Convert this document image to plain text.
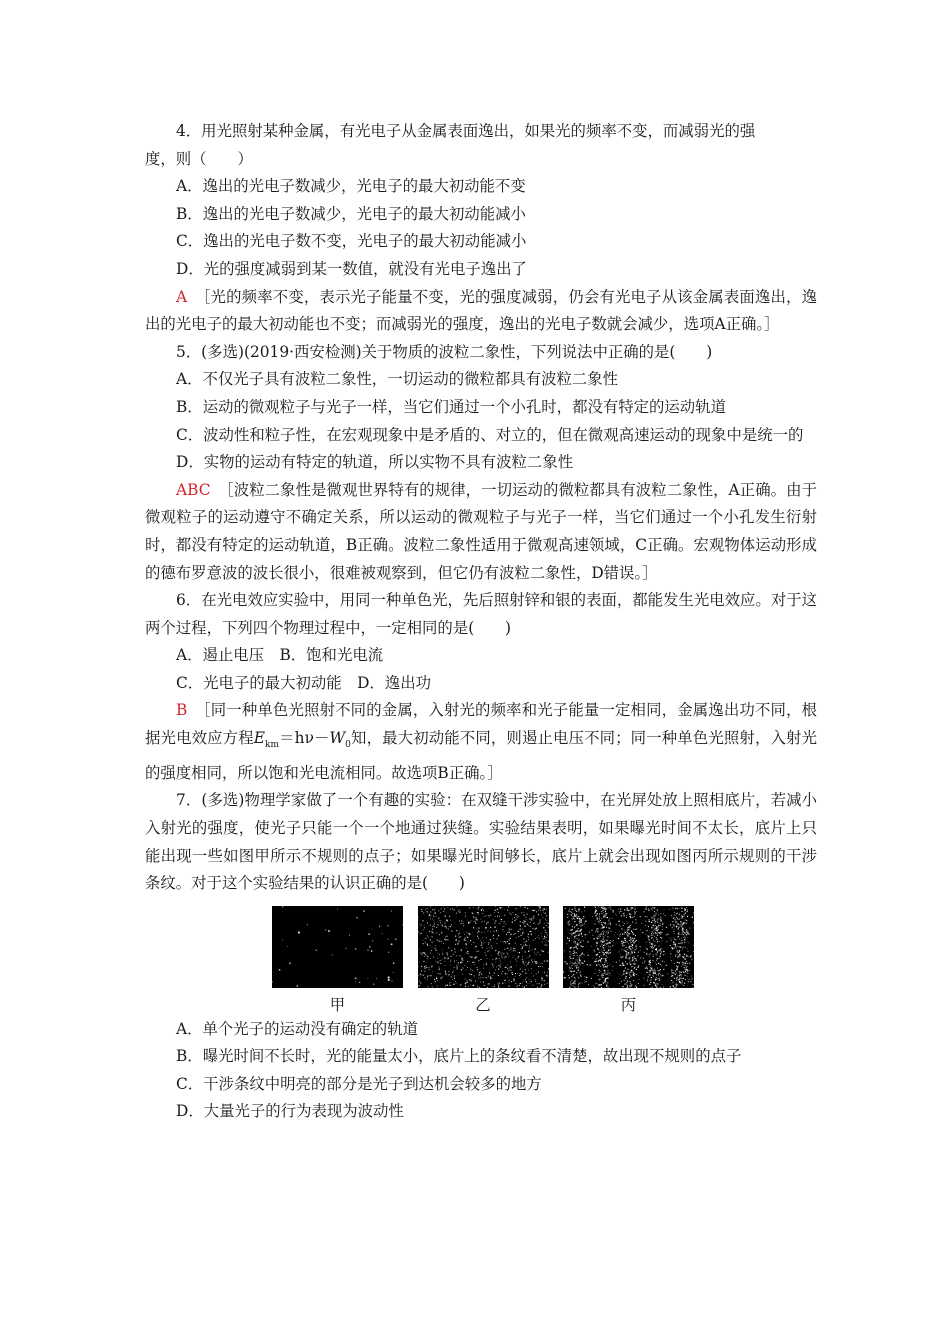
4．用光照射某种金属，有光电子从金属表面逸出，如果光的频率不变，而减弱光的强

度，则（　　）

A．逸出的光电子数减少，光电子的最大初动能不变

B．逸出的光电子数减少，光电子的最大初动能减小

C．逸出的光电子数不变，光电子的最大初动能减小

D．光的强度减弱到某一数值，就没有光电子逸出了

A  ［光的频率不变，表示光子能量不变，光的强度减弱，仍会有光电子从该金属表面逸出，逸出的光电子的最大初动能也不变；而减弱光的强度，逸出的光电子数就会减少，选项A正确。］

5．(多选)(2019·西安检测)关于物质的波粒二象性，下列说法中正确的是(　　)

A．不仅光子具有波粒二象性，一切运动的微粒都具有波粒二象性

B．运动的微观粒子与光子一样，当它们通过一个小孔时，都没有特定的运动轨道

C．波动性和粒子性，在宏观现象中是矛盾的、对立的，但在微观高速运动的现象中是统一的

D．实物的运动有特定的轨道，所以实物不具有波粒二象性

ABC  ［波粒二象性是微观世界特有的规律，一切运动的微粒都具有波粒二象性，A正确。由于微观粒子的运动遵守不确定关系，所以运动的微观粒子与光子一样，当它们通过一个小孔发生衍射时，都没有特定的运动轨道，B正确。波粒二象性适用于微观高速领域，C正确。宏观物体运动形成的德布罗意波的波长很小，很难被观察到，但它仍有波粒二象性，D错误。］

6．在光电效应实验中，用同一种单色光，先后照射锌和银的表面，都能发生光电效应。对于这两个过程，下列四个物理过程中，一定相同的是(　　)

A．遏止电压　B．饱和光电流

C．光电子的最大初动能　D．逸出功

B  ［同一种单色光照射不同的金属，入射光的频率和光子能量一定相同，金属逸出功不同，根据光电效应方程$E_{km}=h\nu-W_0$知，最大初动能不同，则遏止电压不同；同一种单色光照射，入射光的强度相同，所以饱和光电流相同。故选项B正确。］

7．(多选)物理学家做了一个有趣的实验：在双缝干涉实验中，在光屏处放上照相底片，若减小入射光的强度，使光子只能一个一个地通过狭缝。实验结果表明，如果曝光时间不太长，底片上只能出现一些如图甲所示不规则的点子；如果曝光时间够长，底片上就会出现如图丙所示规则的干涉条纹。对于这个实验结果的认识正确的是(　　)

甲	乙	丙

A．单个光子的运动没有确定的轨道

B．曝光时间不长时，光的能量太小，底片上的条纹看不清楚，故出现不规则的点子

C．干涉条纹中明亮的部分是光子到达机会较多的地方

D．大量光子的行为表现为波动性
